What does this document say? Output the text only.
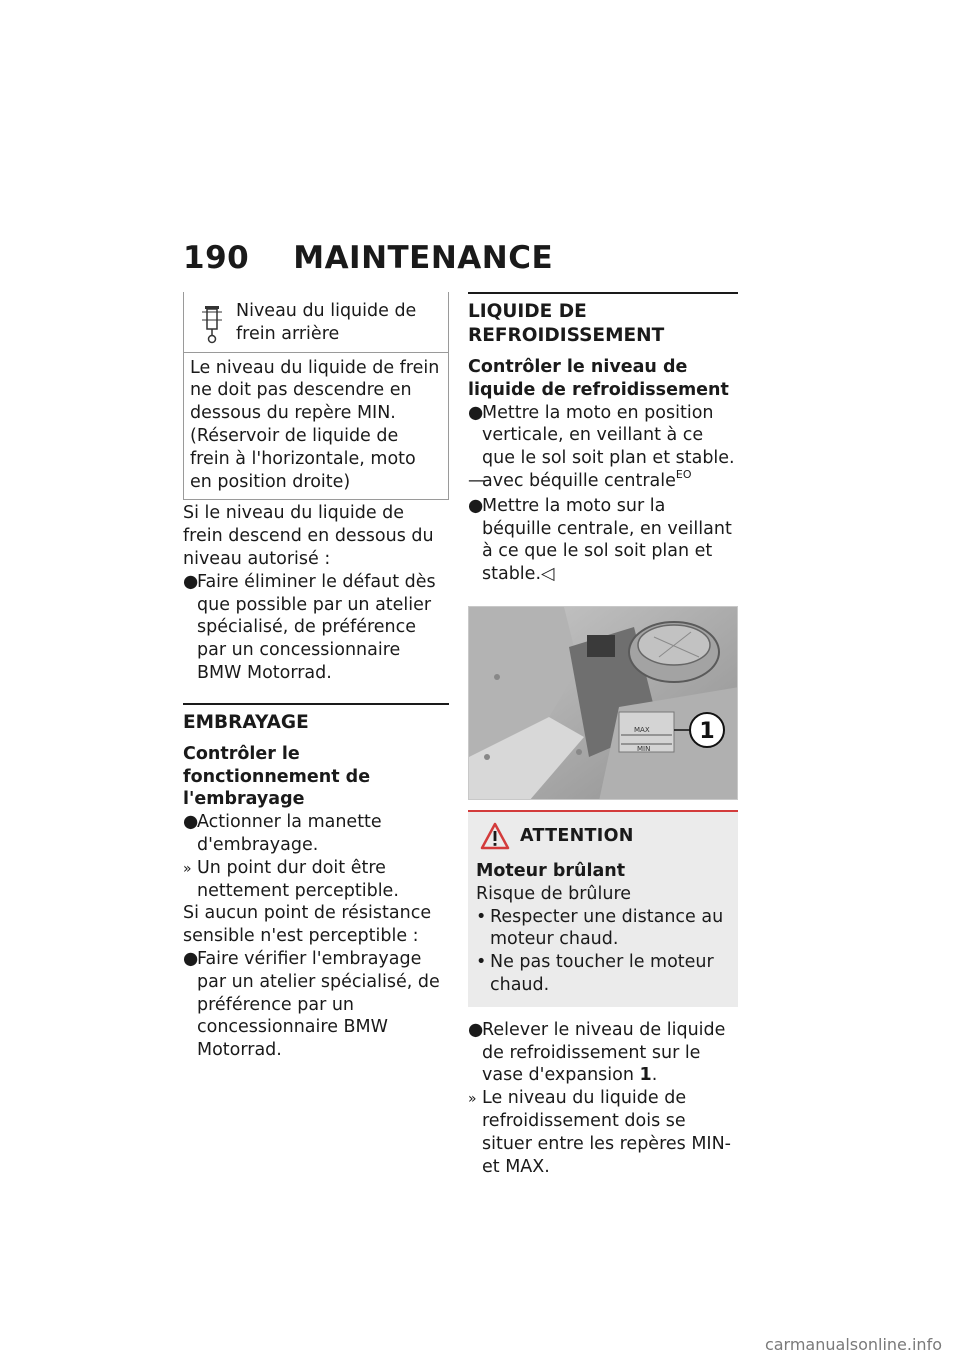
190 MAINTENANCE
Niveau du liquide de frein arrière
Le niveau du liquide de frein ne doit pas descendre en dessous du repère MIN. (Réservoir de liquide de frein à l'horizontale, moto en position droite)

Si le niveau du liquide de frein descend en dessous du niveau autorisé :

●
Faire éliminer le défaut dès que possible par un atelier spécialisé, de préférence par un concessionnaire BMW Motorrad.
EMBRAYAGE
Contrôler le fonctionnement de l'embrayage
●
Actionner la manette d'embrayage.
» Un point dur doit être nettement perceptible.

Si aucun point de résistance sensible n'est perceptible :

●
Faire vérifier l'embrayage par un atelier spécialisé, de préférence par un concessionnaire BMW Motorrad.
LIQUIDE DE REFROIDISSEMENT
Contrôler le niveau de liquide de refroidissement
●
Mettre la moto en position verticale, en veillant à ce que le sol soit plan et stable.
—
avec béquille centrale$^{EO}$
●
Mettre la moto sur la béquille centrale, en veillant à ce que le sol soit plan et stable.◁
MAX
MIN
1
ATTENTION
Moteur brûlant
Risque de brûlure
• Respecter une distance au moteur chaud.
• Ne pas toucher le moteur chaud.
●
Relever le niveau de liquide de refroidissement sur le vase d'expansion 1.
» Le niveau du liquide de refroidissement dois se situer entre les repères MIN- et MAX.
carmanualsonline.info
